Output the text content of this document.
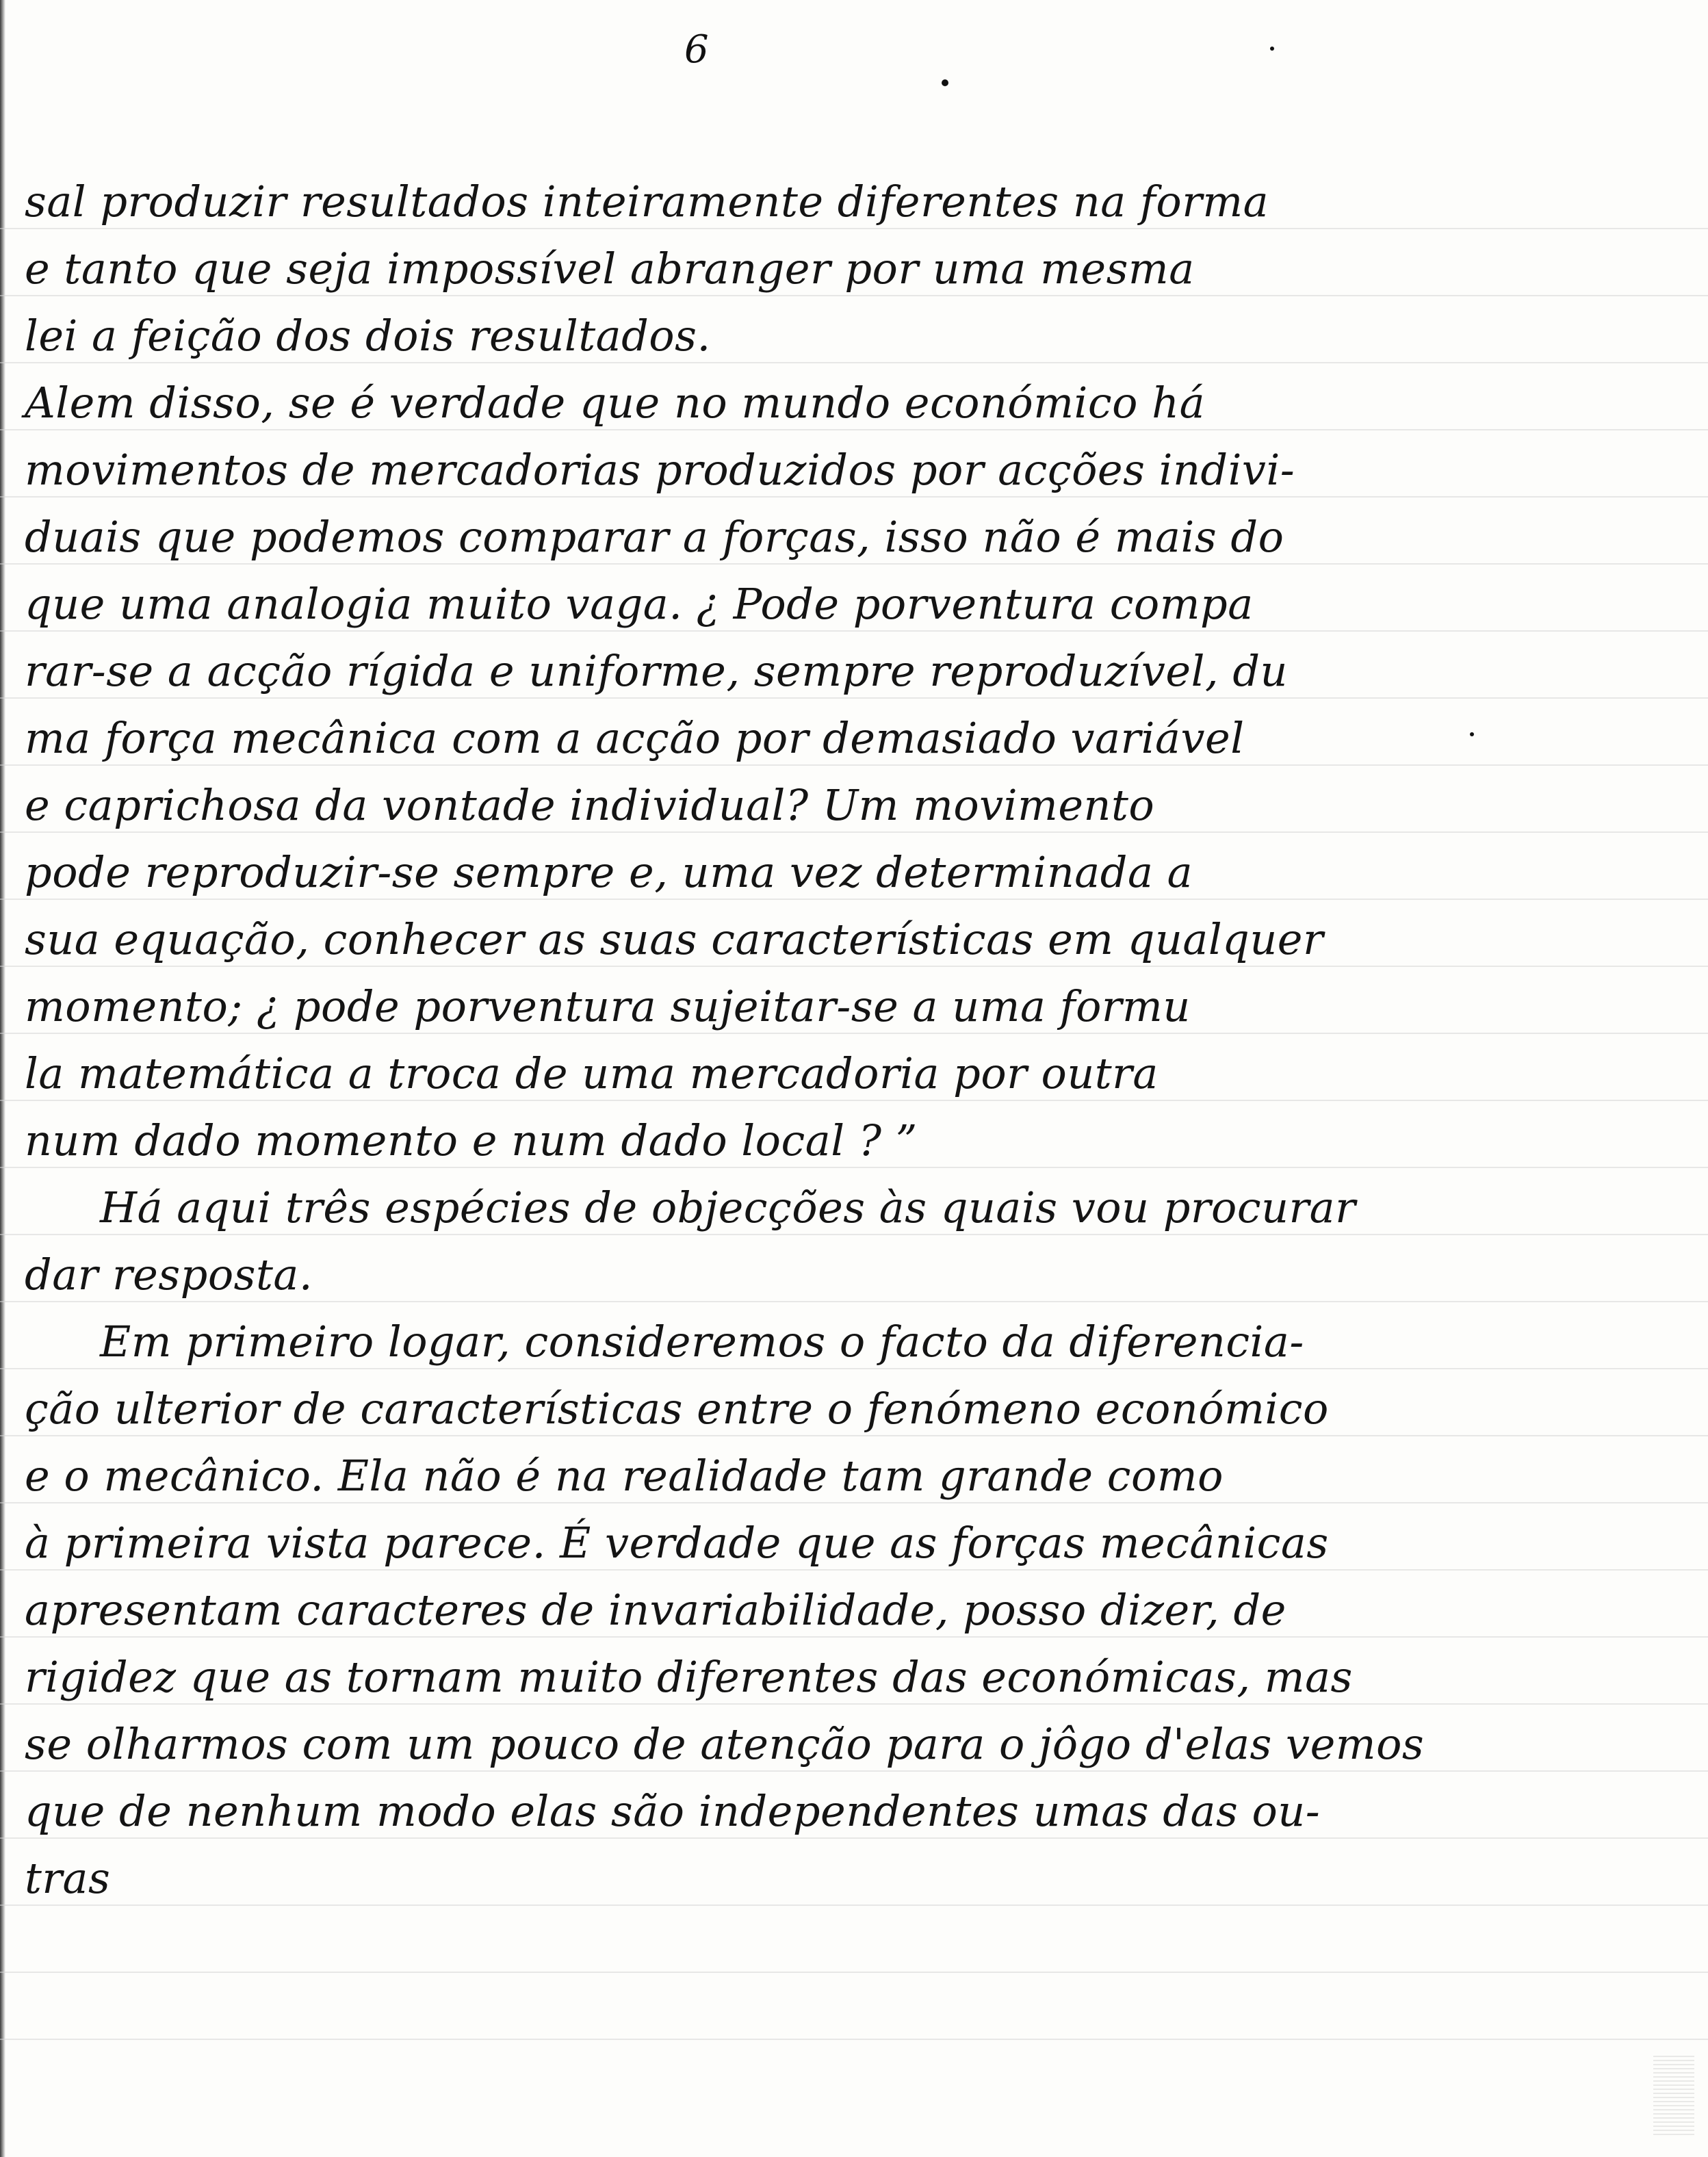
6
sal produzir resultados inteiramente diferentes na forma
e tanto que seja impossível abranger por uma mesma
lei a feição dos dois resultados.
Alem disso, se é verdade que no mundo económico há
movimentos de mercadorias produzidos por acções indivi-
duais que podemos comparar a forças, isso não é mais do
que uma analogia muito vaga. ¿ Pode porventura compa
rar-se a acção rígida e uniforme, sempre reproduzível, du
ma força mecânica com a acção por demasiado variável
e caprichosa da vontade individual? Um movimento
pode reproduzir-se sempre e, uma vez determinada a
sua equação, conhecer as suas características em qualquer
momento; ¿ pode porventura sujeitar-se a uma formu
la matemática a troca de uma mercadoria por outra
num dado momento e num dado local ? ”
Há aqui três espécies de objecções às quais vou procurar
dar resposta.
Em primeiro logar, consideremos o facto da diferencia-
ção ulterior de características entre o fenómeno económico
e o mecânico. Ela não é na realidade tam grande como
à primeira vista parece. É verdade que as forças mecânicas
apresentam caracteres de invariabilidade, posso dizer, de
rigidez que as tornam muito diferentes das económicas, mas
se olharmos com um pouco de atenção para o jôgo d'elas vemos
que de nenhum modo elas são independentes umas das ou-
tras
